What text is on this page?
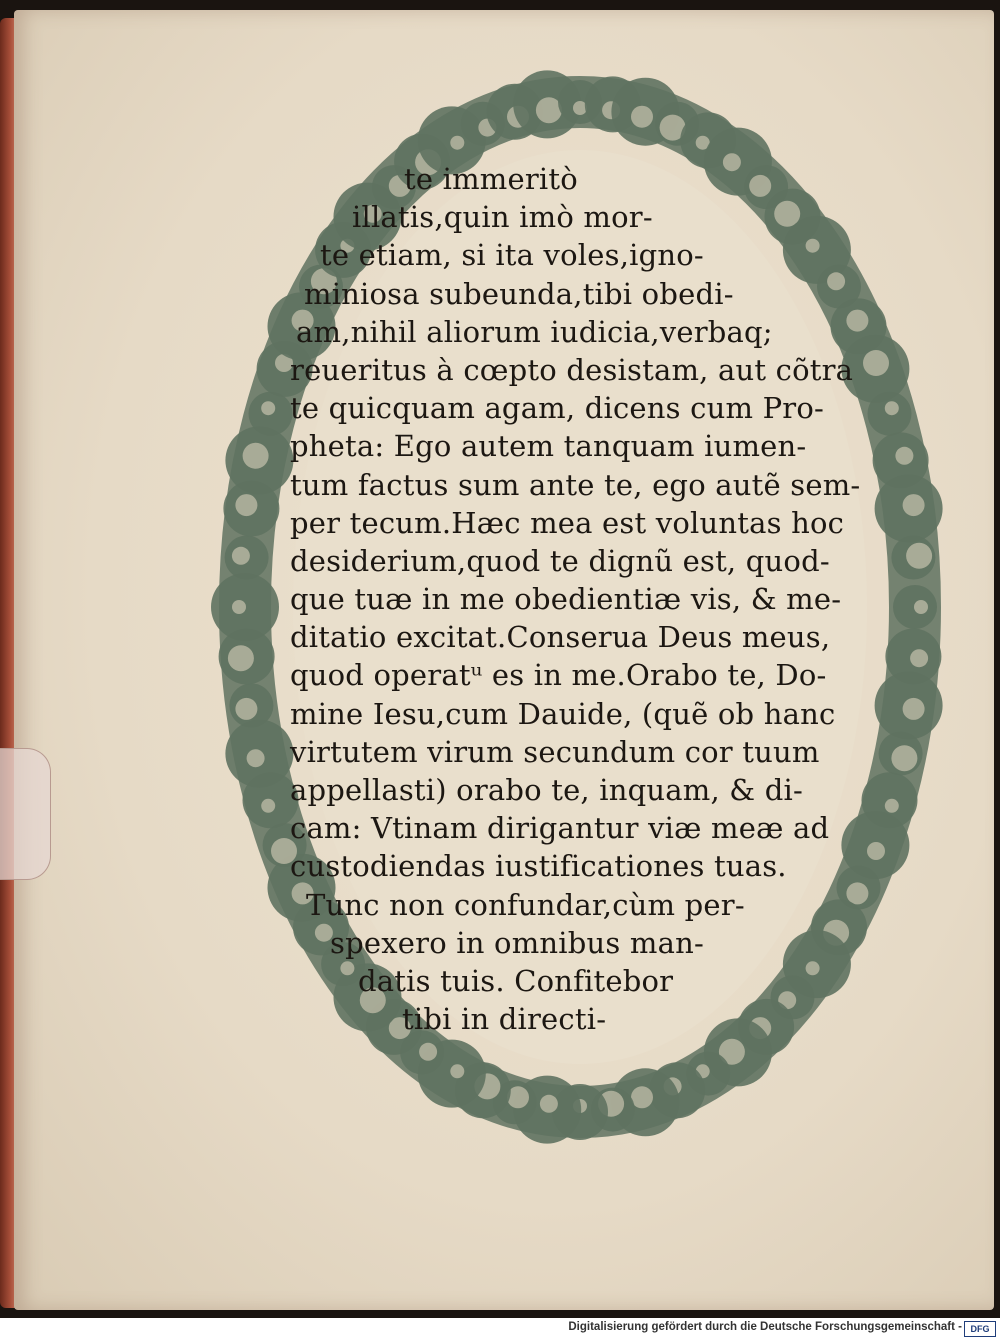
te immeritò
illatis,quin imò mor-
te etiam, si ita voles,igno-
miniosa subeunda,tibi obedi-
am,nihil aliorum iudicia,verbaq;
reueritus à cœpto desistam, aut cõtra
te quicquam agam, dicens cum Pro-
pheta: Ego autem tanquam iumen-
tum factus sum ante te, ego autẽ sem-
per tecum.Hæc mea est voluntas hoc
desiderium,quod te dignũ est, quod-
que tuæ in me obedientiæ vis, & me-
ditatio excitat.Conserua Deus meus,
quod operatᵘ es in me.Orabo te, Do-
mine Iesu,cum Dauide, (quẽ ob hanc
virtutem virum secundum cor tuum
appellasti) orabo te, inquam, & di-
cam: Vtinam dirigantur viæ meæ ad
custodiendas iustificationes tuas.
Tunc non confundar,cùm per-
spexero in omnibus man-
datis tuis. Confitebor
tibi in directi-
Digitalisierung gefördert durch die Deutsche Forschungsgemeinschaft - DFG
